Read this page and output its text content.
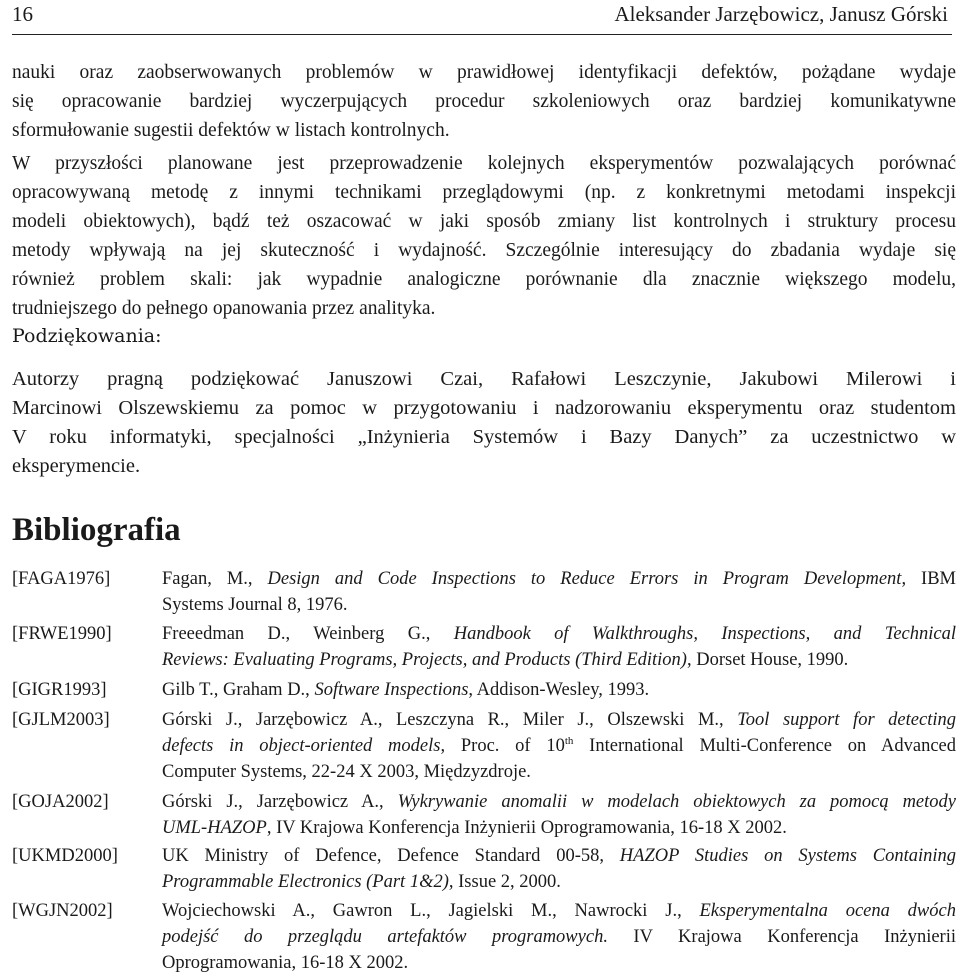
16	Aleksander Jarzębowicz, Janusz Górski
nauki oraz zaobserwowanych problemów w prawidłowej identyfikacji defektów, pożądane wydaje
się opracowanie bardziej wyczerpujących procedur szkoleniowych oraz bardziej komunikatywne
sformułowanie sugestii defektów w listach kontrolnych.
W przyszłości planowane jest przeprowadzenie kolejnych eksperymentów pozwalających porównać
opracowywaną metodę z innymi technikami przeglądowymi (np. z konkretnymi metodami inspekcji
modeli obiektowych), bądź też oszacować w jaki sposób zmiany list kontrolnych i struktury procesu
metody wpływają na jej skuteczność i wydajność. Szczególnie interesujący do zbadania wydaje się
również problem skali: jak wypadnie analogiczne porównanie dla znacznie większego modelu,
trudniejszego do pełnego opanowania przez analityka.
Podziękowania:
Autorzy pragną podziękować Januszowi Czai, Rafałowi Leszczynie, Jakubowi Milerowi i
Marcinowi Olszewskiemu za pomoc w przygotowaniu i nadzorowaniu eksperymentu oraz studentom
V roku informatyki, specjalności „Inżynieria Systemów i Bazy Danych” za uczestnictwo w
eksperymencie.
Bibliografia
[FAGA1976]	Fagan, M., Design and Code Inspections to Reduce Errors in Program Development, IBM
Systems Journal 8, 1976.
[FRWE1990]	Freeedman D., Weinberg G., Handbook of Walkthroughs, Inspections, and Technical
Reviews: Evaluating Programs, Projects, and Products (Third Edition), Dorset House, 1990.
[GIGR1993]	Gilb T., Graham D., Software Inspections, Addison-Wesley, 1993.
[GJLM2003]	Górski J., Jarzębowicz A., Leszczyna R., Miler J., Olszewski M., Tool support for detecting
defects in object-oriented models, Proc. of 10th International Multi-Conference on Advanced
Computer Systems, 22-24 X 2003, Międzyzdroje.
[GOJA2002]	Górski J., Jarzębowicz A., Wykrywanie anomalii w modelach obiektowych za pomocą metody
UML-HAZOP, IV Krajowa Konferencja Inżynierii Oprogramowania, 16-18 X 2002.
[UKMD2000] UK Ministry of Defence, Defence Standard 00-58, HAZOP Studies on Systems Containing
Programmable Electronics (Part 1&2), Issue 2, 2000.
[WGJN2002]	Wojciechowski A., Gawron L., Jagielski M., Nawrocki J., Eksperymentalna ocena dwóch
podejść do przeglądu artefaktów programowych. IV Krajowa Konferencja Inżynierii
Oprogramowania, 16-18 X 2002.
